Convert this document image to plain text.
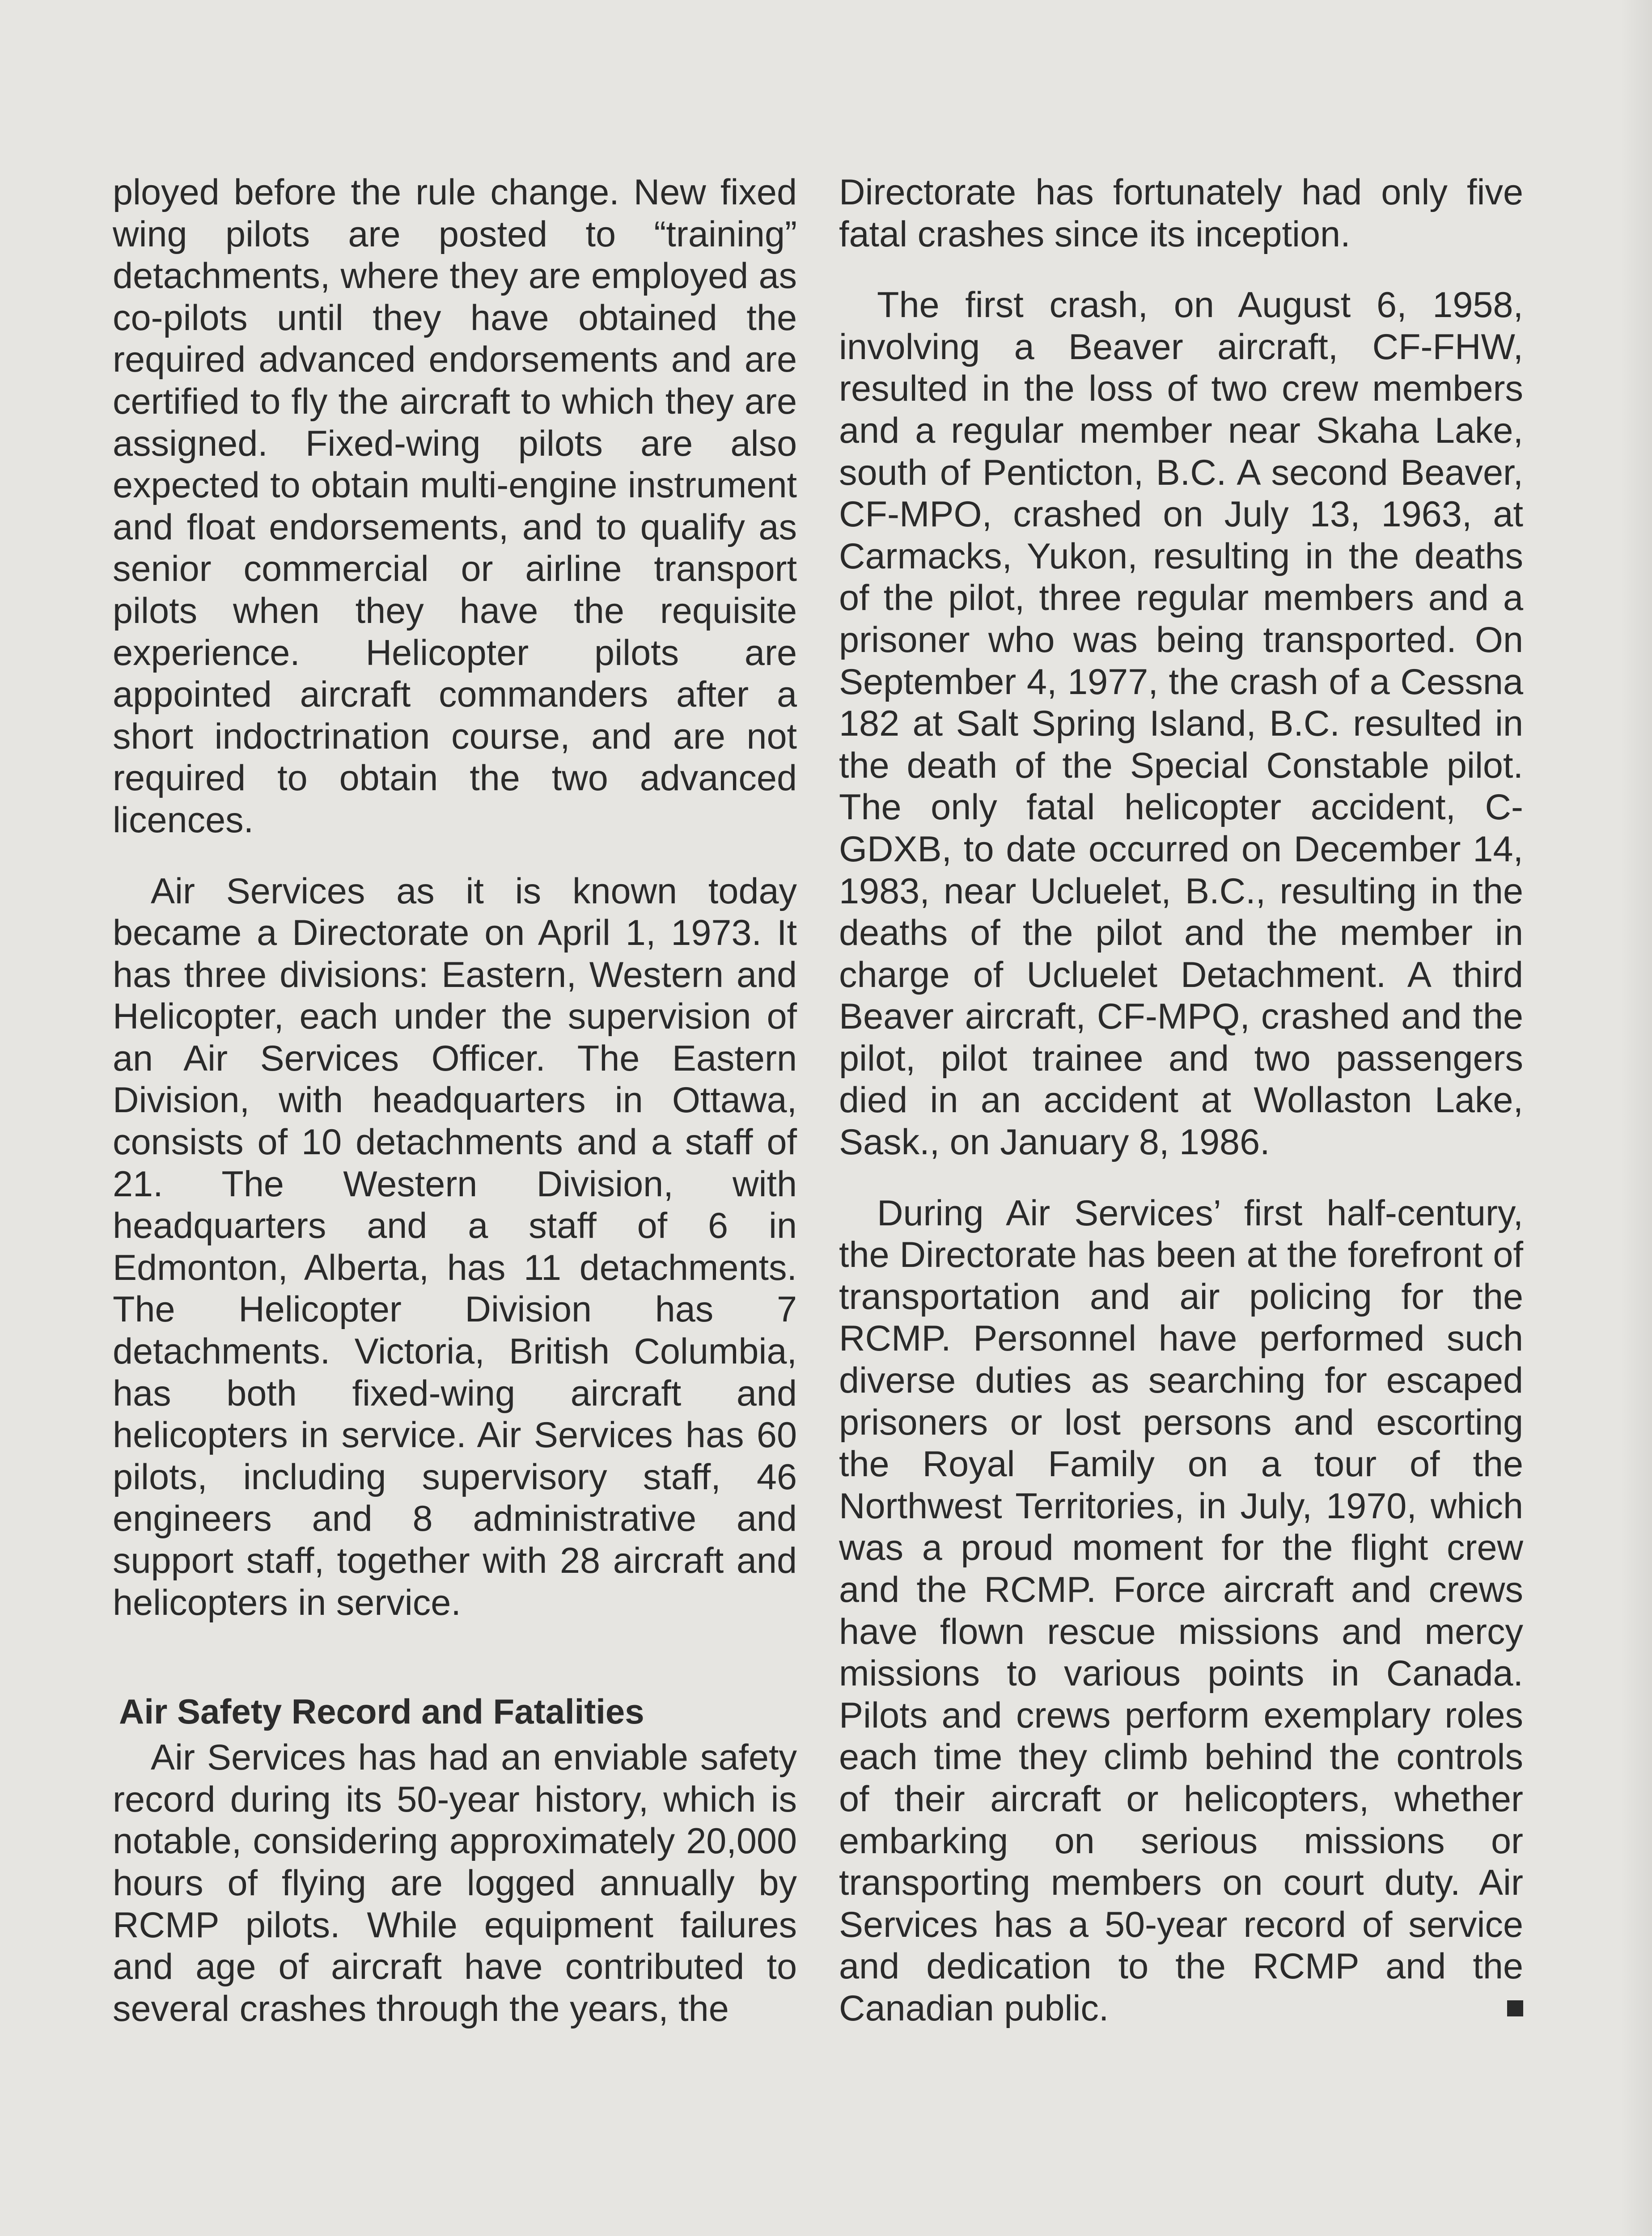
ployed before the rule change. New fixed wing pilots are posted to “training” detachments, where they are employed as co-pilots until they have obtained the required advanced endorsements and are certified to fly the aircraft to which they are assigned. Fixed-wing pilots are also expected to obtain multi-engine instrument and float endorsements, and to qualify as senior commercial or airline transport pilots when they have the requisite experience. Helicopter pilots are appointed aircraft commanders after a short indoctrination course, and are not required to obtain the two advanced licences.

Air Services as it is known today became a Directorate on April 1, 1973. It has three divisions: Eastern, Western and Helicopter, each under the supervision of an Air Services Officer. The Eastern Division, with headquarters in Ottawa, consists of 10 detachments and a staff of 21. The Western Division, with headquarters and a staff of 6 in Edmonton, Alberta, has 11 detachments. The Helicopter Division has 7 detachments. Victoria, British Columbia, has both fixed-wing aircraft and helicopters in service. Air Services has 60 pilots, including supervisory staff, 46 engineers and 8 administrative and support staff, together with 28 aircraft and helicopters in service.

Air Safety Record and Fatalities

Air Services has had an enviable safety record during its 50-year history, which is notable, considering approximately 20,000 hours of flying are logged annually by RCMP pilots. While equipment failures and age of aircraft have contributed to several crashes through the years, the

Directorate has fortunately had only five fatal crashes since its inception.

The first crash, on August 6, 1958, involving a Beaver aircraft, CF-FHW, resulted in the loss of two crew members and a regular member near Skaha Lake, south of Penticton, B.C. A second Beaver, CF-MPO, crashed on July 13, 1963, at Carmacks, Yukon, resulting in the deaths of the pilot, three regular members and a prisoner who was being transported. On September 4, 1977, the crash of a Cessna 182 at Salt Spring Island, B.C. resulted in the death of the Special Constable pilot. The only fatal helicopter accident, C-GDXB, to date occurred on December 14, 1983, near Ucluelet, B.C., resulting in the deaths of the pilot and the member in charge of Ucluelet Detachment. A third Beaver aircraft, CF-MPQ, crashed and the pilot, pilot trainee and two passengers died in an accident at Wollaston Lake, Sask., on January 8, 1986.

During Air Services’ first half-century, the Directorate has been at the forefront of transportation and air policing for the RCMP. Personnel have performed such diverse duties as searching for escaped prisoners or lost persons and escorting the Royal Family on a tour of the Northwest Territories, in July, 1970, which was a proud moment for the flight crew and the RCMP. Force aircraft and crews have flown rescue missions and mercy missions to various points in Canada. Pilots and crews perform exemplary roles each time they climb behind the controls of their aircraft or helicopters, whether embarking on serious missions or transporting members on court duty. Air Services has a 50-year record of service and dedication to the RCMP and the Canadian public.
